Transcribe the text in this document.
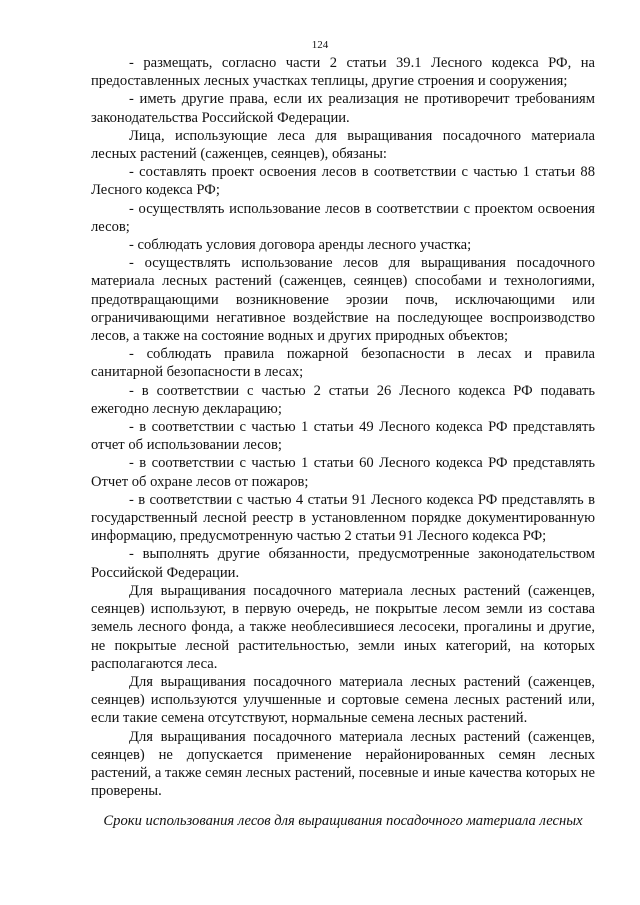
124

- размещать, согласно части 2 статьи 39.1 Лесного кодекса РФ, на предоставленных лесных участках теплицы, другие строения и сооружения;

- иметь другие права, если их реализация не противоречит требованиям законодательства Российской Федерации.

Лица, использующие леса для выращивания посадочного материала лесных растений (саженцев, сеянцев), обязаны:

- составлять проект освоения лесов в соответствии с частью 1 статьи 88 Лесного кодекса РФ;

- осуществлять использование лесов в соответствии с проектом освоения лесов;

- соблюдать условия договора аренды лесного участка;

- осуществлять использование лесов для выращивания посадочного материала лесных растений (саженцев, сеянцев) способами и технологиями, предотвращающими возникновение эрозии почв, исключающими или ограничивающими негативное воздействие на последующее воспроизводство лесов, а также на состояние водных и других природных объектов;

- соблюдать правила пожарной безопасности в лесах и правила санитарной безопасности в лесах;

- в соответствии с частью 2 статьи 26 Лесного кодекса РФ подавать ежегодно лесную декларацию;

- в соответствии с частью 1 статьи 49 Лесного кодекса РФ представлять отчет об использовании лесов;

- в соответствии с частью 1 статьи 60 Лесного кодекса РФ представлять Отчет об охране лесов от пожаров;

- в соответствии с частью 4 статьи 91 Лесного кодекса РФ представлять в государственный лесной реестр в установленном порядке документированную информацию, предусмотренную частью 2 статьи 91 Лесного кодекса РФ;

- выполнять другие обязанности, предусмотренные законодательством Российской Федерации.

Для выращивания посадочного материала лесных растений (саженцев, сеянцев) используют, в первую очередь, не покрытые лесом земли из состава земель лесного фонда, а также необлесившиеся лесосеки, прогалины и другие, не покрытые лесной растительностью, земли иных категорий, на которых располагаются леса.

Для выращивания посадочного материала лесных растений (саженцев, сеянцев) используются улучшенные и сортовые семена лесных растений или, если такие семена отсутствуют, нормальные семена лесных растений.

Для выращивания посадочного материала лесных растений (саженцев, сеянцев) не допускается применение нерайонированных семян лесных растений, а также семян лесных растений, посевные и иные качества которых не проверены.

Сроки использования лесов для выращивания посадочного материала лесных
